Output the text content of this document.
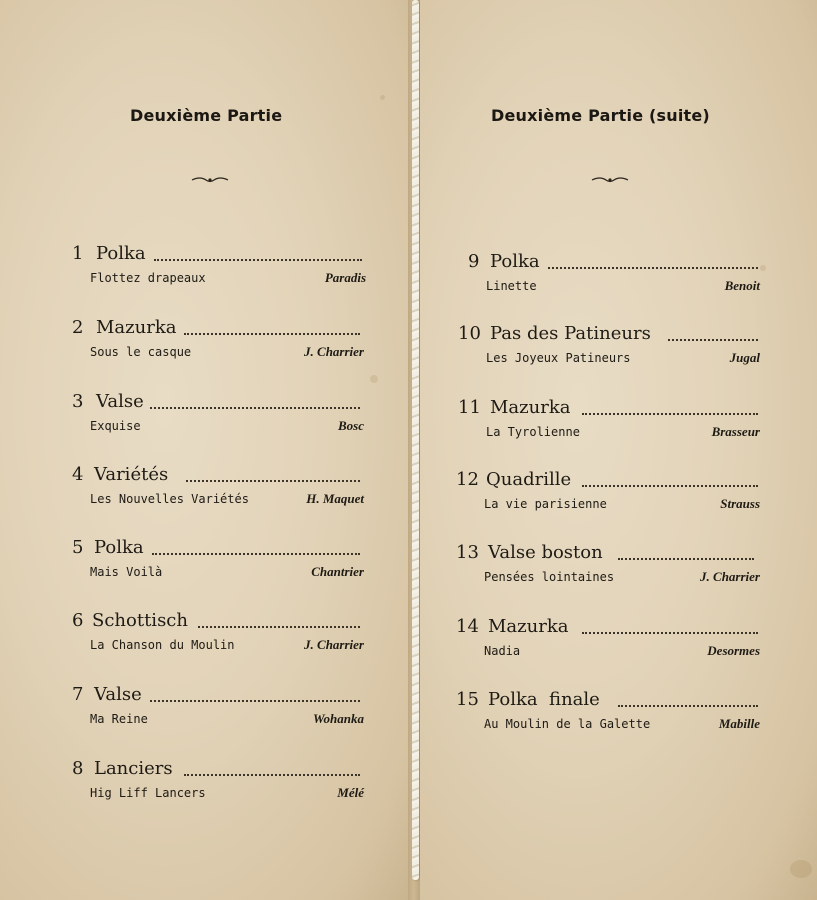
Deuxième Partie
1 Polka
Flottez drapeaux	Paradis
2 Mazurka
Sous le casque	J. Charrier
3 Valse
Exquise	Bosc
4 Variétés
Les Nouvelles Variétés	H. Maquet
5 Polka
Mais Voilà	Chantrier
6 Schottisch
La Chanson du Moulin	J. Charrier
7 Valse
Ma Reine	Wohanka
8 Lanciers
Hig Liff Lancers	Mélé
Deuxième Partie (suite)
9 Polka
Linette	Benoit
10 Pas des Patineurs
Les Joyeux Patineurs	Jugal
11 Mazurka
La Tyrolienne	Brasseur
12 Quadrille
La vie parisienne	Strauss
13 Valse boston
Pensées lointaines	J. Charrier
14 Mazurka
Nadia	Desormes
15 Polka  finale
Au Moulin de la Galette	Mabille
